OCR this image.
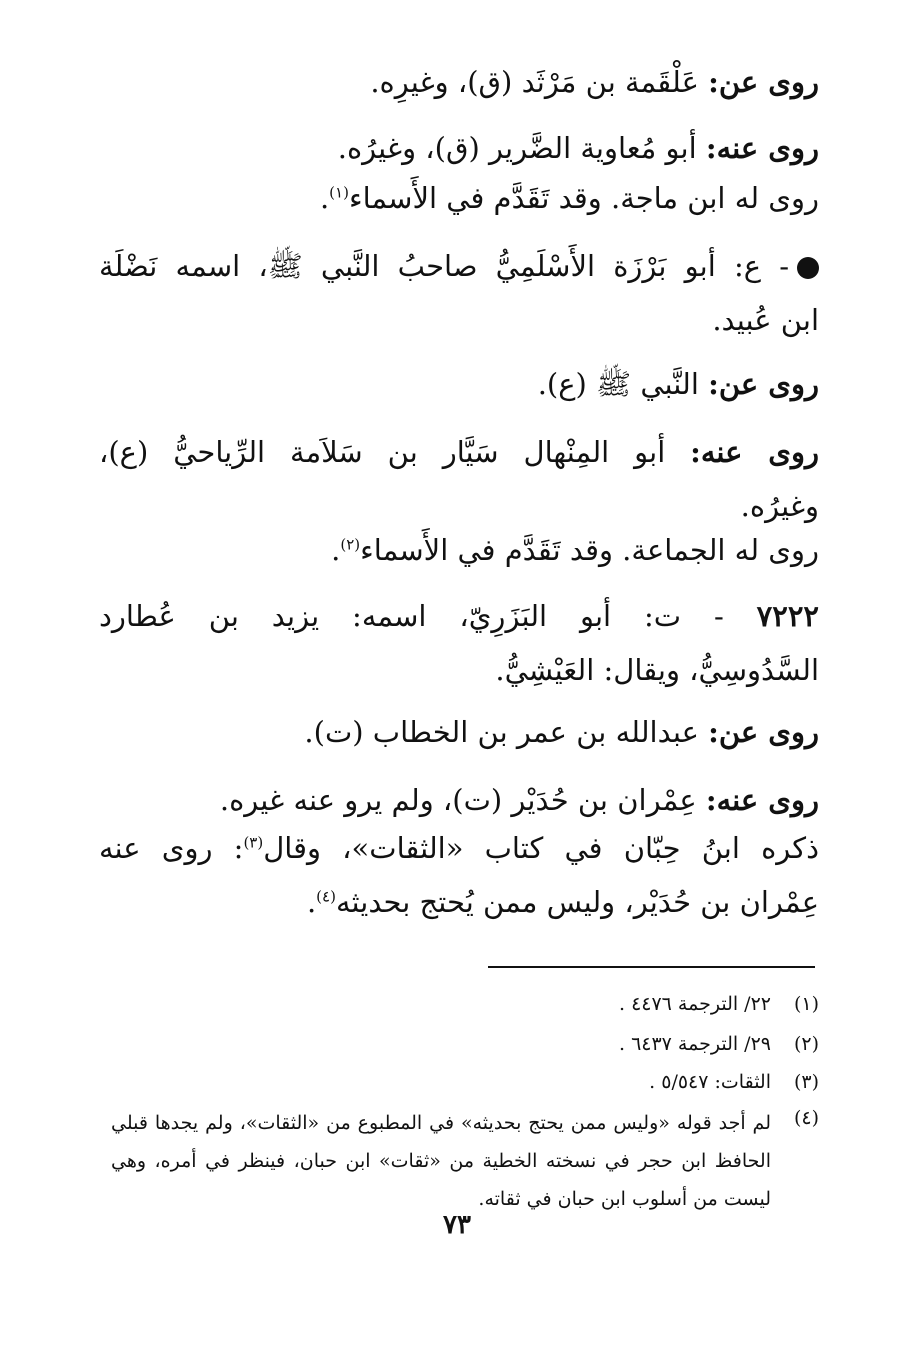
روى عن: عَلْقَمة بن مَرْثَد (ق)، وغيرِه.
روى عنه: أبو مُعاوية الضَّرير (ق)، وغيرُه.
روى له ابن ماجة. وقد تَقَدَّم في الأَسماء$^{(١)}$.
- ع: أبو بَرْزَة الأَسْلَمِيُّ صاحبُ النَّبي ﷺ، اسمه نَضْلَة
ابن عُبيد.
روى عن: النَّبي ﷺ (ع).
روى عنه: أبو المِنْهال سَيَّار بن سَلاَمة الرِّياحيُّ (ع)،
وغيرُه.
روى له الجماعة. وقد تَقَدَّم في الأَسماء$^{(٢)}$.
٧٢٢٢ - ت: أبو البَزَرِيّ، اسمه: يزيد بن عُطارد
السَّدُوسِيُّ، ويقال: العَيْشِيُّ.
روى عن: عبدالله بن عمر بن الخطاب (ت).
روى عنه: عِمْران بن حُدَيْر (ت)، ولم يرو عنه غيره.
ذكره ابنُ حِبّان في كتاب «الثقات»، وقال$^{(٣)}$: روى عنه
عِمْران بن حُدَيْر، وليس ممن يُحتج بحديثه$^{(٤)}$.
(١)٢٢/ الترجمة ٤٤٧٦ .
(٢)٢٩/ الترجمة ٦٤٣٧ .
(٣)الثقات: ٥/٥٤٧ .
(٤)لم أجد قوله «وليس ممن يحتج بحديثه» في المطبوع من «الثقات»، ولم يجدها قبلي الحافظ ابن حجر في نسخته الخطية من «ثقات» ابن حبان، فينظر في أمره، وهي ليست من أسلوب ابن حبان في ثقاته.
٧٣
